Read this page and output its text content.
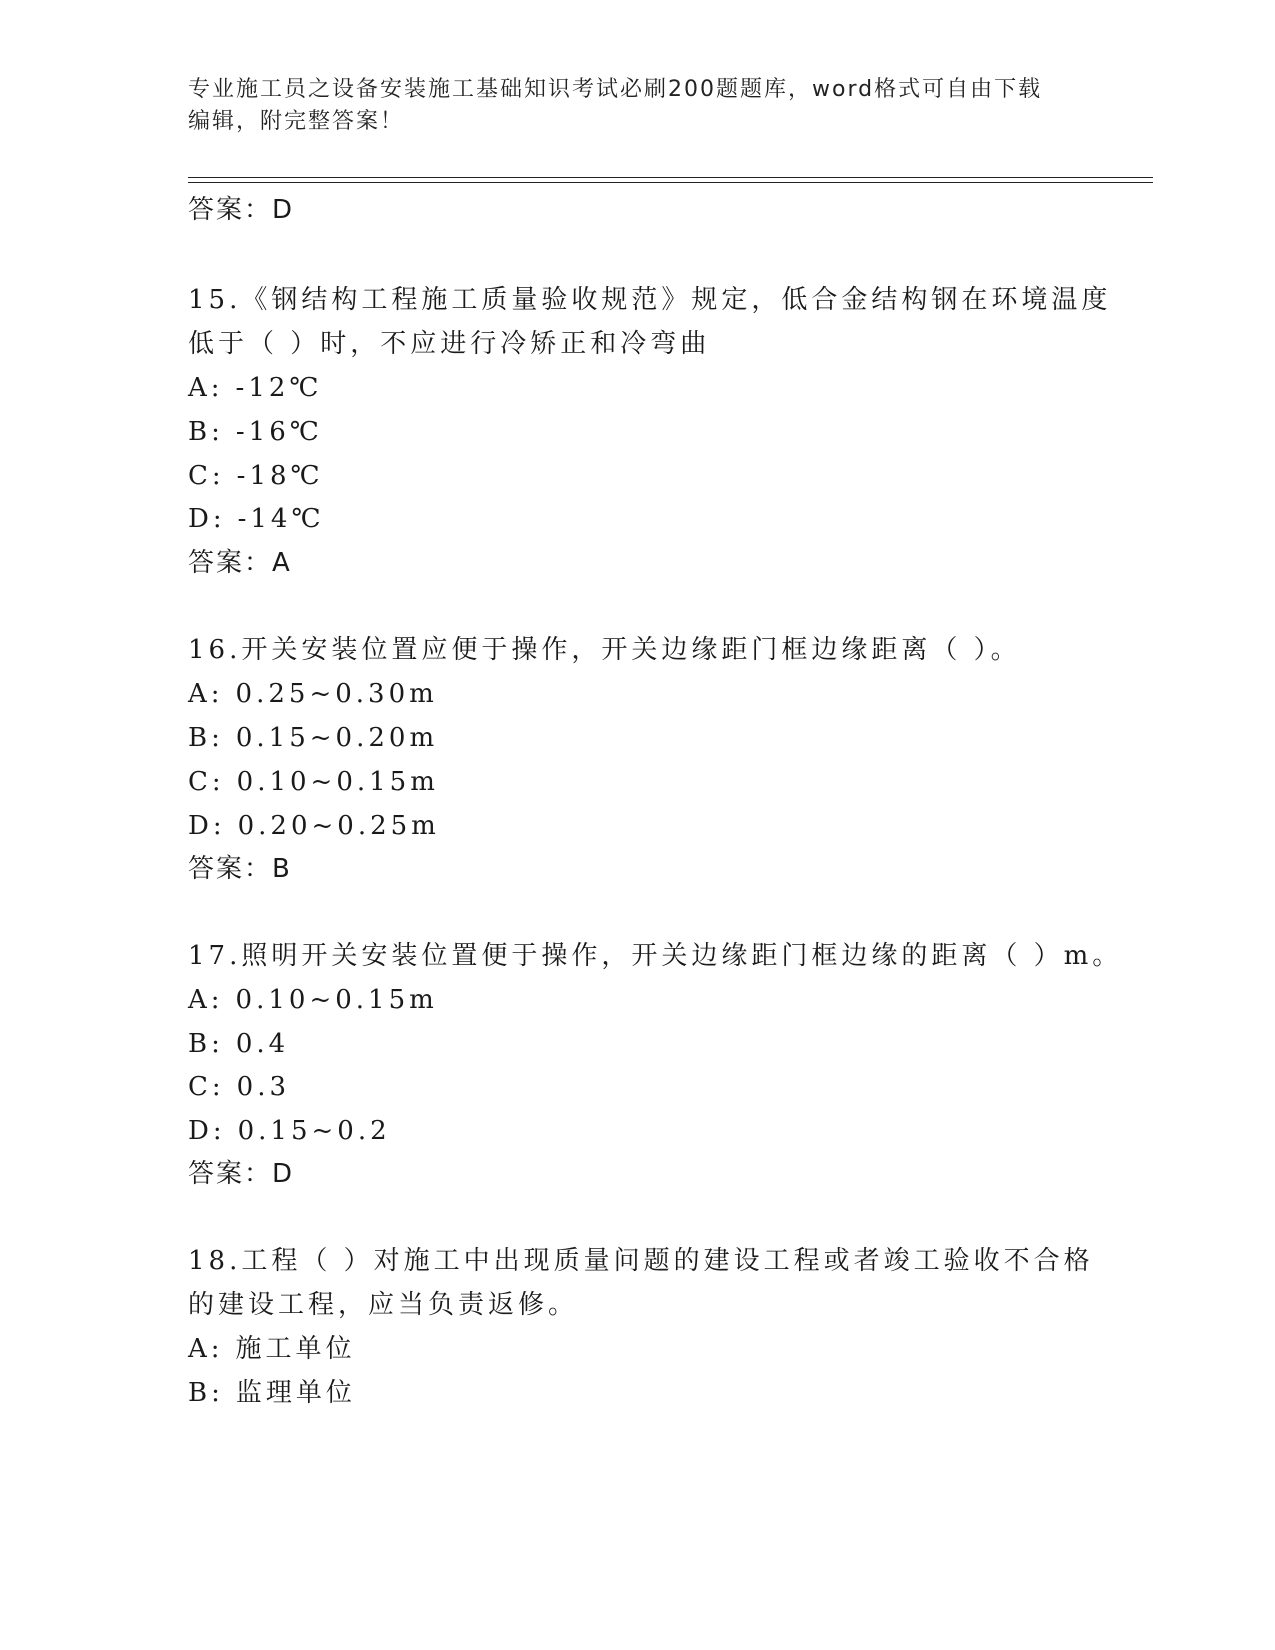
专业施工员之设备安装施工基础知识考试必刷200题题库，word格式可自由下载
编辑，附完整答案！
答案：D
15.《钢结构工程施工质量验收规范》规定，低合金结构钢在环境温度
低于（ ）时，不应进行冷矫正和冷弯曲
A: -12℃
B: -16℃
C: -18℃
D: -14℃
答案：A
16.开关安装位置应便于操作，开关边缘距门框边缘距离（ ）。
A: 0.25~0.30m
B: 0.15~0.20m
C: 0.10~0.15m
D: 0.20~0.25m
答案：B
17.照明开关安装位置便于操作，开关边缘距门框边缘的距离（ ）m。
A: 0.10~0.15m
B: 0.4
C: 0.3
D: 0.15~0.2
答案：D
18.工程（ ）对施工中出现质量问题的建设工程或者竣工验收不合格
的建设工程，应当负责返修。
A: 施工单位
B: 监理单位
